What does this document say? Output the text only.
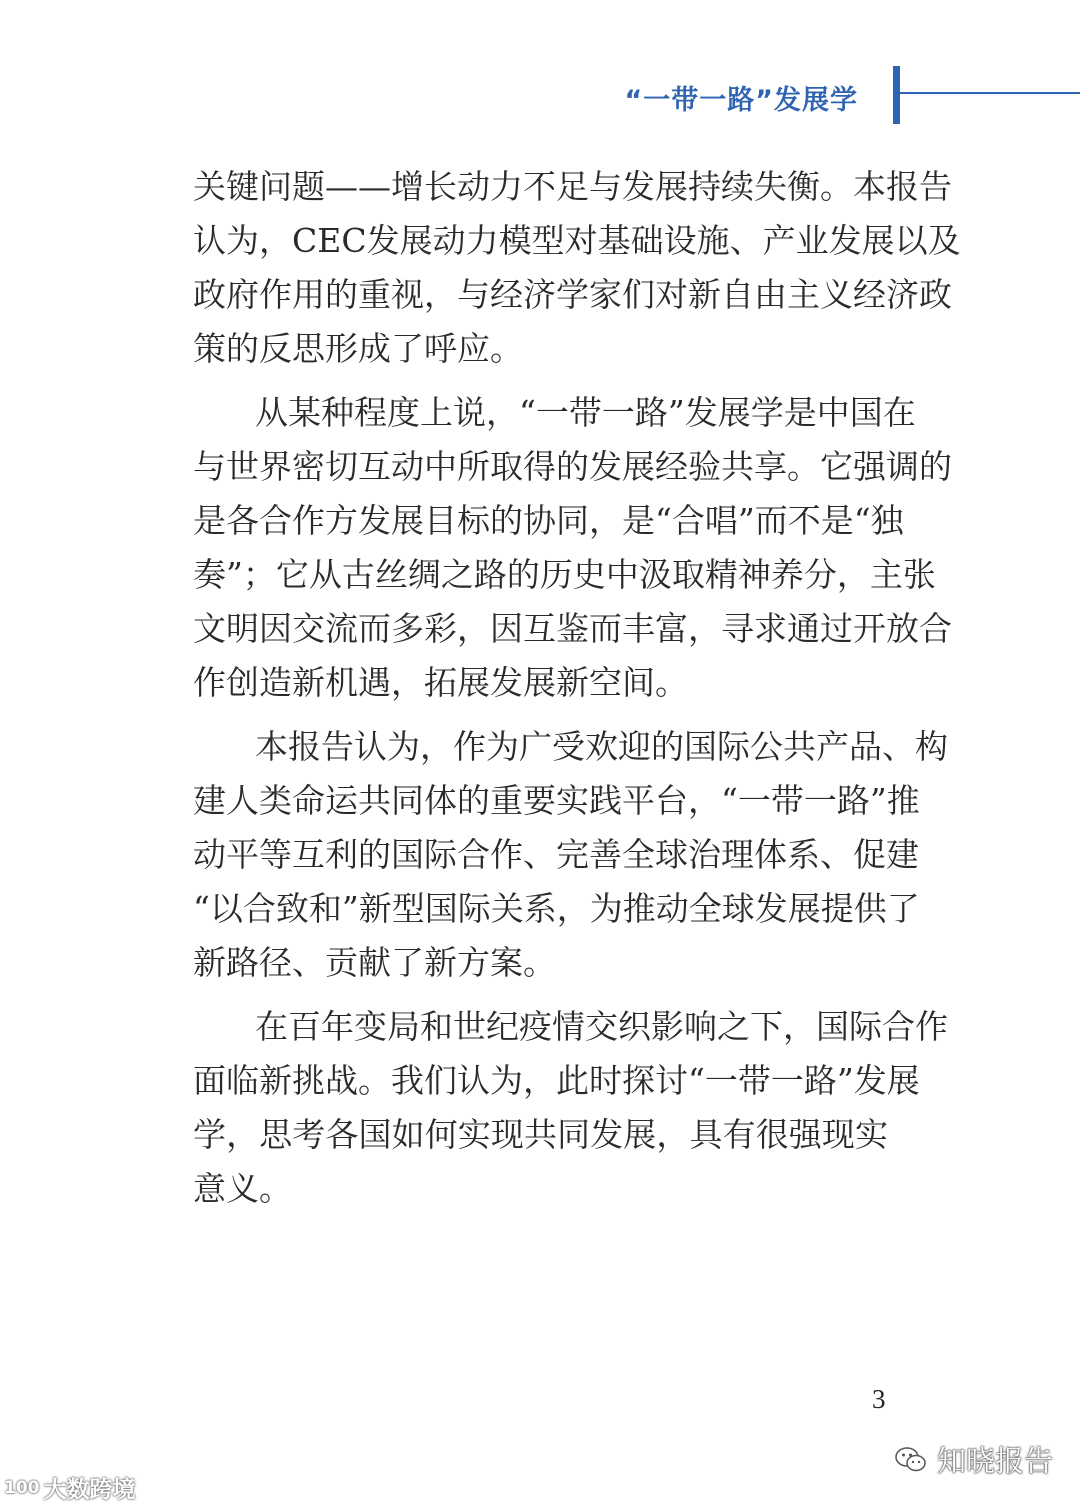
“一带一路”发展学
关键问题——增长动力不足与发展持续失衡。本报告
认为，CEC发展动力模型对基础设施、产业发展以及
政府作用的重视，与经济学家们对新自由主义经济政
策的反思形成了呼应。
从某种程度上说，“一带一路”发展学是中国在
与世界密切互动中所取得的发展经验共享。它强调的
是各合作方发展目标的协同，是“合唱”而不是“独
奏”；它从古丝绸之路的历史中汲取精神养分，主张
文明因交流而多彩，因互鉴而丰富，寻求通过开放合
作创造新机遇，拓展发展新空间。
本报告认为，作为广受欢迎的国际公共产品、构
建人类命运共同体的重要实践平台，“一带一路”推
动平等互利的国际合作、完善全球治理体系、促建
“以合致和”新型国际关系，为推动全球发展提供了
新路径、贡献了新方案。
在百年变局和世纪疫情交织影响之下，国际合作
面临新挑战。我们认为，此时探讨“一带一路”发展
学，思考各国如何实现共同发展，具有很强现实
意义。
3
知晓报告
100 大数跨境
